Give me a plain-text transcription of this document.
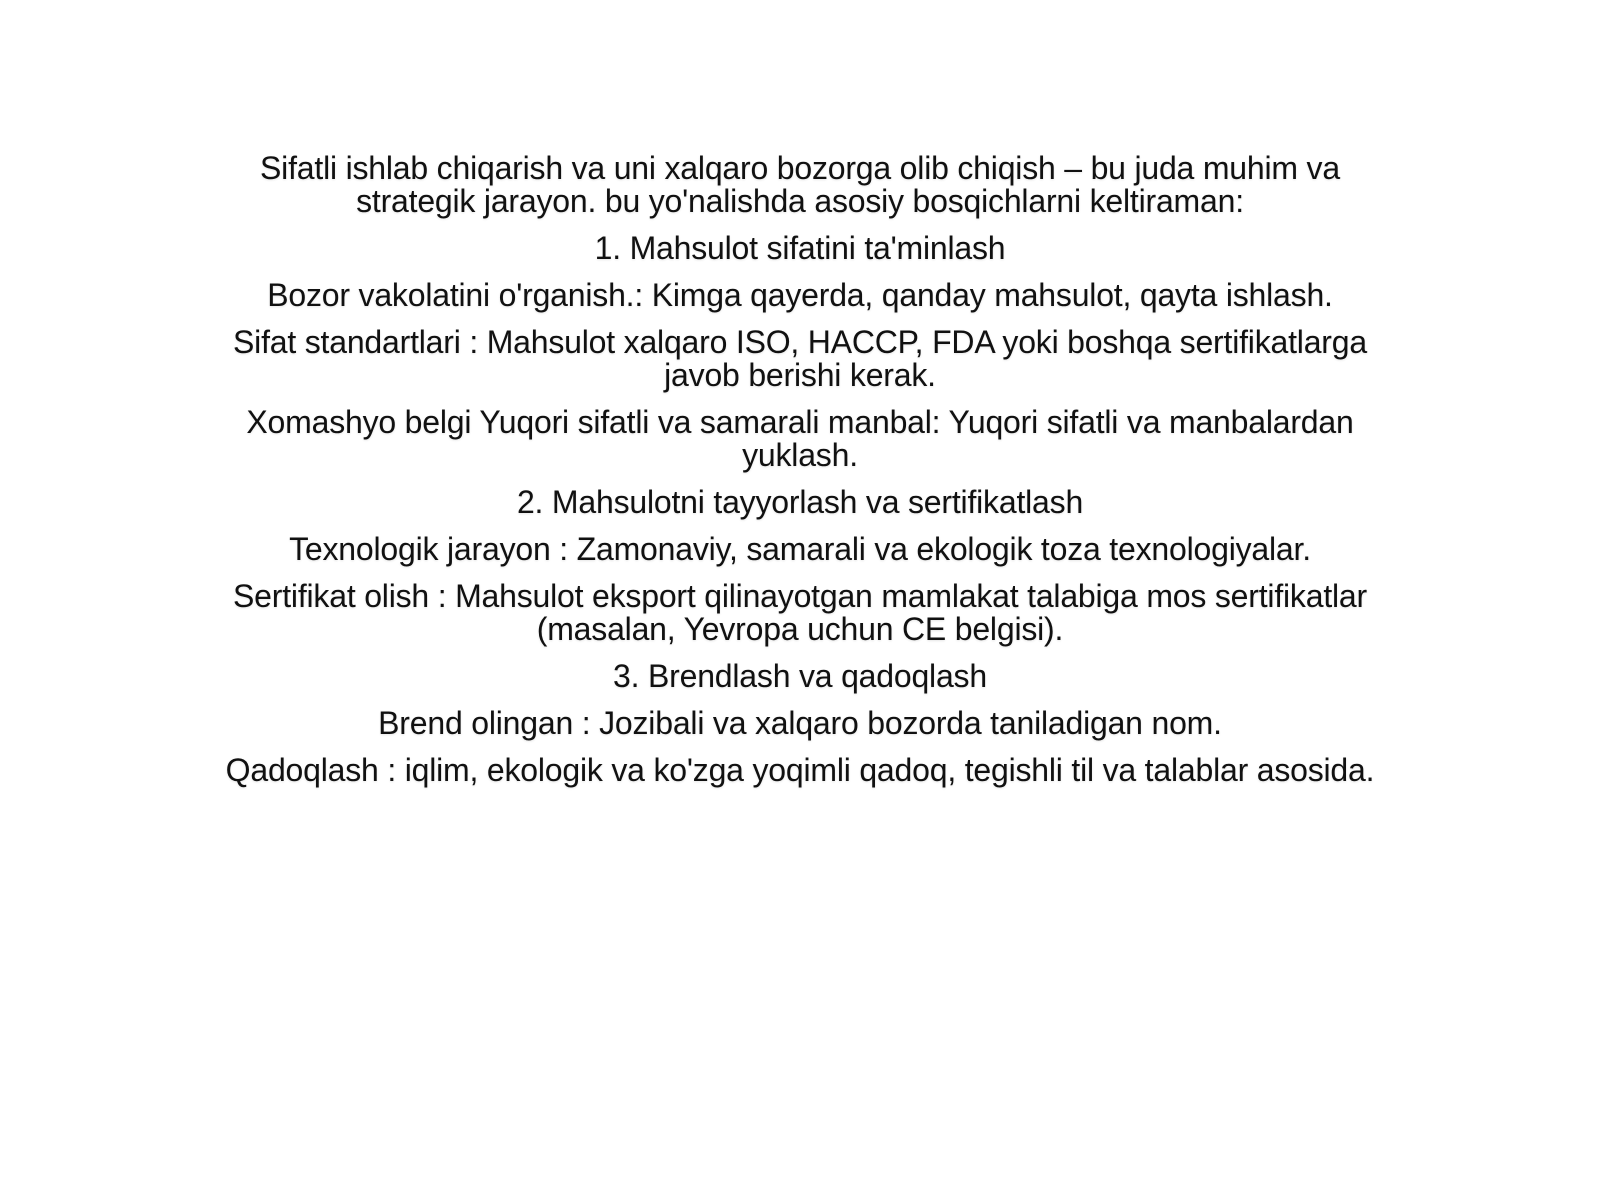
Sifatli ishlab chiqarish va uni xalqaro bozorga olib chiqish – bu juda muhim va strategik jarayon. bu yo'nalishda asosiy bosqichlarni keltiraman:

1. Mahsulot sifatini ta'minlash

Bozor vakolatini o'rganish.: Kimga qayerda, qanday mahsulot, qayta ishlash.

Sifat standartlari : Mahsulot xalqaro ISO, HACCP, FDA yoki boshqa sertifikatlarga javob berishi kerak.

Xomashyo belgi Yuqori sifatli va samarali manbal: Yuqori sifatli va manbalardan yuklash.

2. Mahsulotni tayyorlash va sertifikatlash

Texnologik jarayon : Zamonaviy, samarali va ekologik toza texnologiyalar.

Sertifikat olish : Mahsulot eksport qilinayotgan mamlakat talabiga mos sertifikatlar (masalan, Yevropa uchun CE belgisi).

3. Brendlash va qadoqlash

Brend olingan : Jozibali va xalqaro bozorda taniladigan nom.

Qadoqlash : iqlim, ekologik va ko'zga yoqimli qadoq, tegishli til va talablar asosida.
